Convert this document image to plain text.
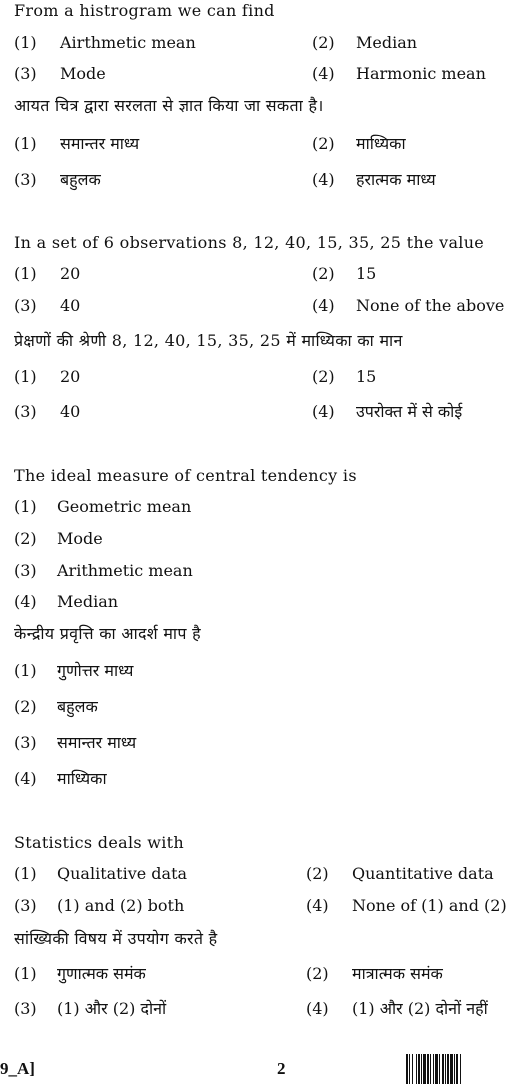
From a histrogram we can find
(1) Airthmetic mean	(2) Median
(3) Mode	(4) Harmonic mean
आयत चित्र द्वारा सरलता से ज्ञात किया जा सकता है।
(1) समान्तर माध्य	(2) माध्यिका
(3) बहुलक	(4) हरात्मक माध्य
In a set of 6 observations 8, 12, 40, 15, 35, 25 the value
(1) 20	(2) 15
(3) 40	(4) None of the above
प्रेक्षणों की श्रेणी 8, 12, 40, 15, 35, 25 में माध्यिका का मान
(1) 20	(2) 15
(3) 40	(4) उपरोक्त में से कोई
The ideal measure of central tendency is
(1) Geometric mean
(2) Mode
(3) Arithmetic mean
(4) Median
केन्द्रीय प्रवृत्ति का आदर्श माप है
(1) गुणोत्तर माध्य
(2) बहुलक
(3) समान्तर माध्य
(4) माध्यिका
Statistics deals with
(1) Qualitative data	(2) Quantitative data
(3) (1) and (2) both	(4) None of (1) and (2)
सांख्यिकी विषय में उपयोग करते है
(1) गुणात्मक समंक	(2) मात्रात्मक समंक
(3) (1) और (2) दोनों	(4) (1) और (2) दोनों नहीं
9_A]	2
